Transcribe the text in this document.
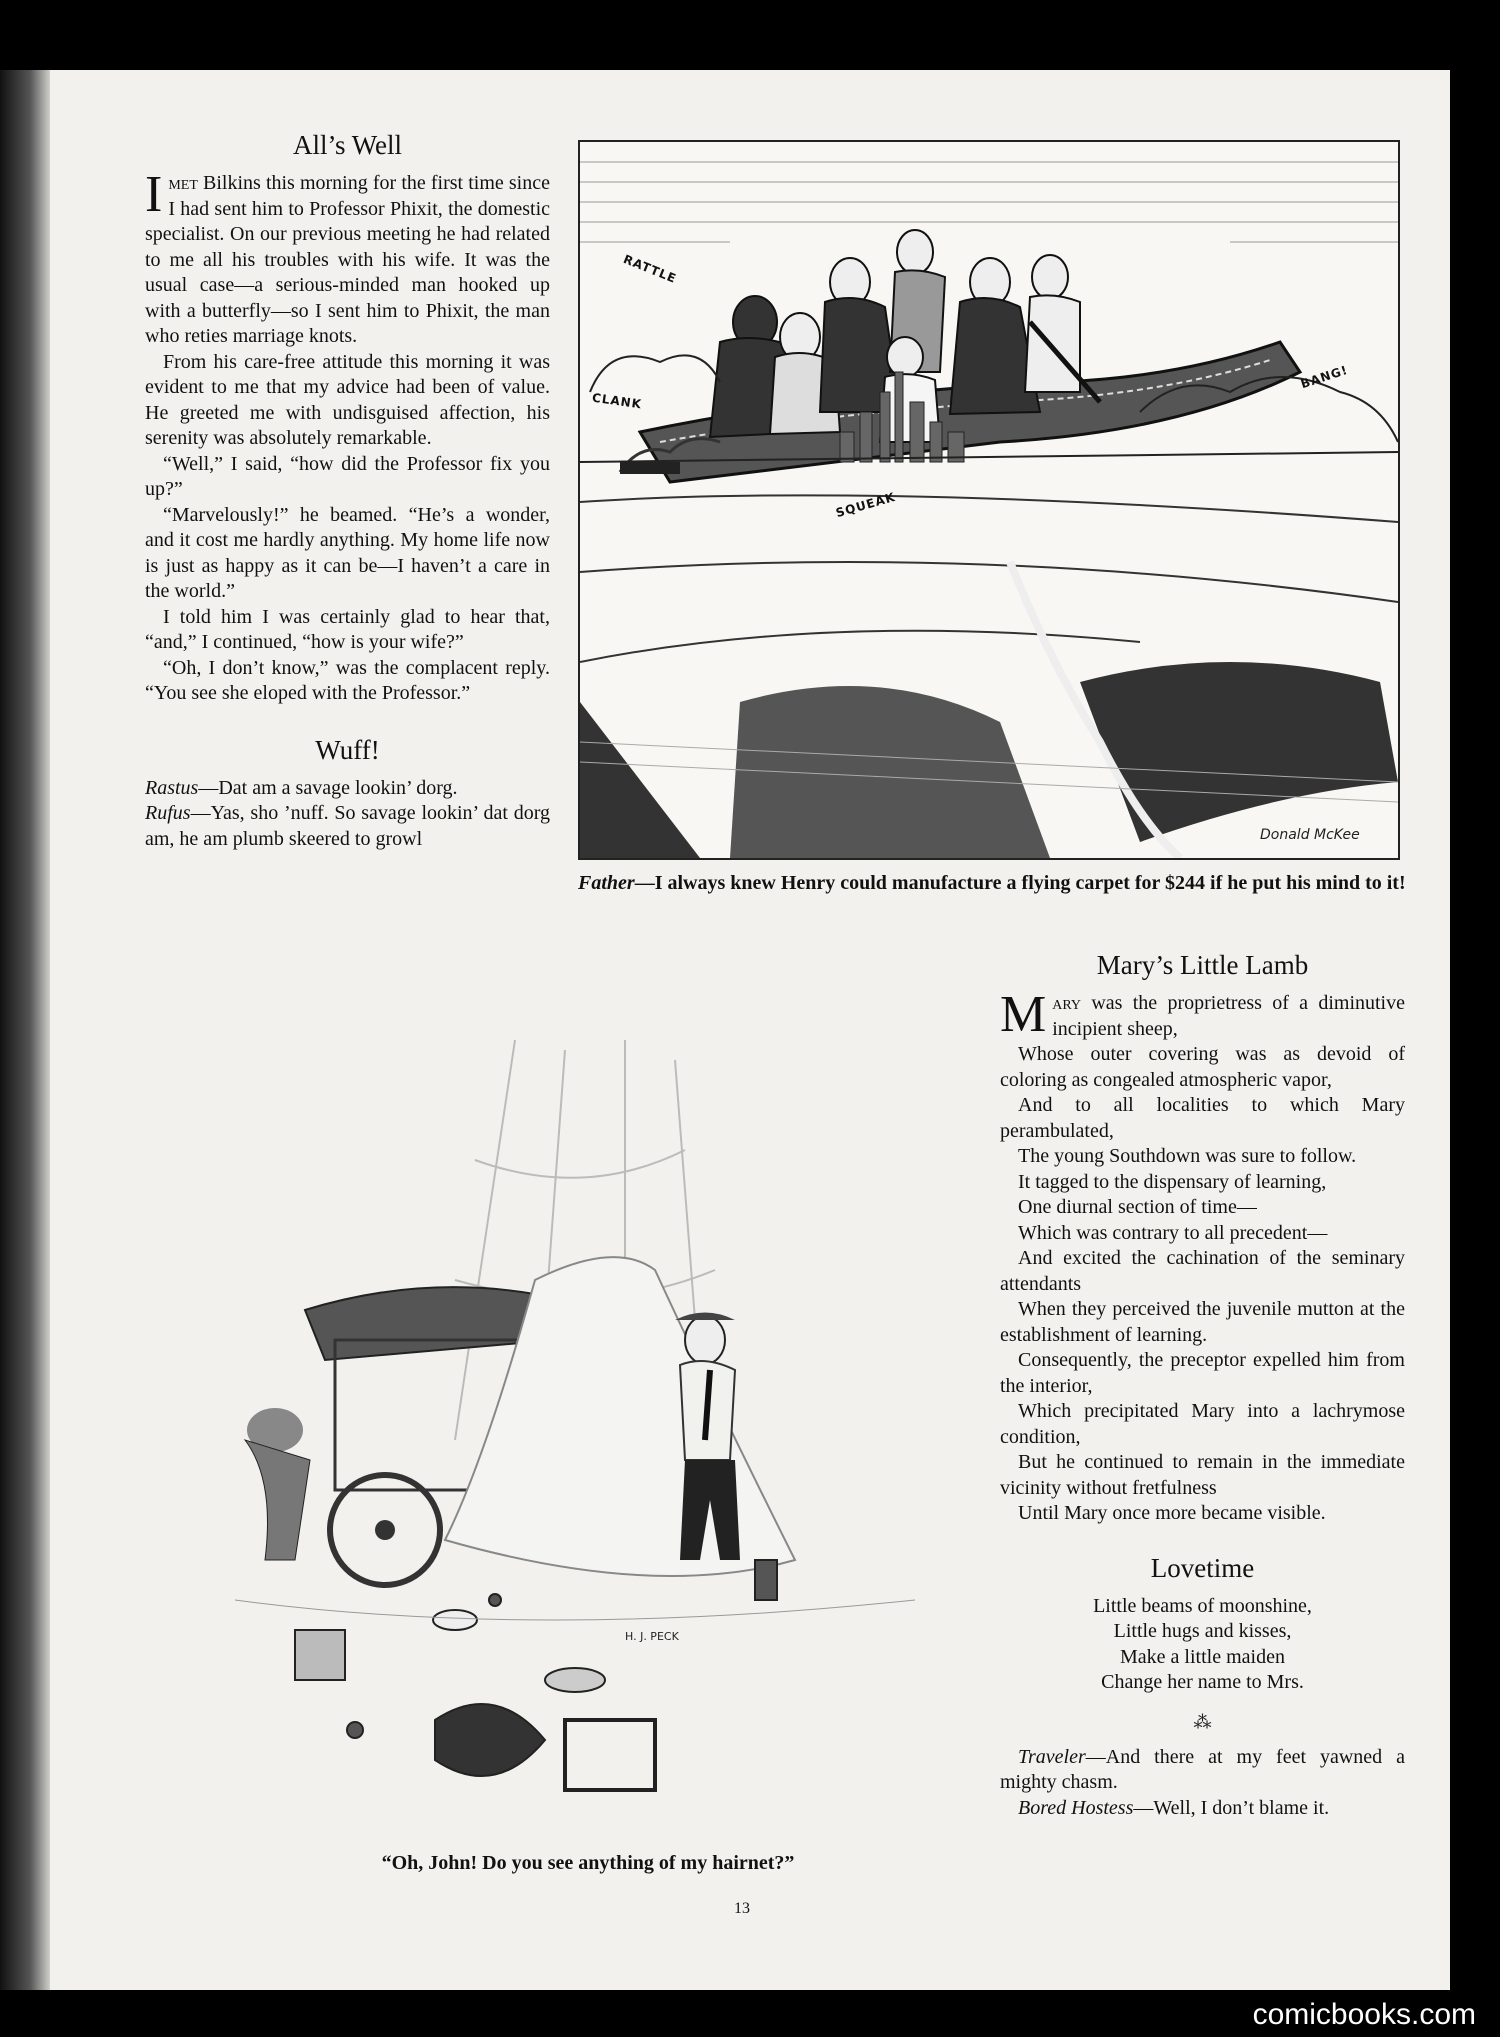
All’s Well

Imet Bilkins this morning for the first time since I had sent him to Professor Phixit, the domestic specialist. On our previous meeting he had related to me all his troubles with his wife. It was the usual case—a serious-minded man hooked up with a butterfly—so I sent him to Phixit, the man who reties marriage knots.

From his care-free attitude this morning it was evident to me that my advice had been of value. He greeted me with undisguised affection, his serenity was absolutely remarkable.

“Well,” I said, “how did the Professor fix you up?”

“Marvelously!” he beamed. “He’s a wonder, and it cost me hardly anything. My home life now is just as happy as it can be—I haven’t a care in the world.”

I told him I was certainly glad to hear that, “and,” I continued, “how is your wife?”

“Oh, I don’t know,” was the complacent reply. “You see she eloped with the Professor.”

Wuff!

Rastus—Dat am a savage lookin’ dorg.

Rufus—Yas, sho ’nuff. So savage lookin’ dat dorg am, he am plumb skeered to growl

RATTLE
CLANK
BANG!
SQUEAK
Donald McKee
Father—I always knew Henry could manufacture a flying carpet for $244 if he put his mind to it!
H. J. PECK
“Oh, John! Do you see anything of my hairnet?”
Mary’s Little Lamb

Mary was the proprietress of a diminutive incipient sheep,

Whose outer covering was as devoid of coloring as congealed atmospheric vapor,

And to all localities to which Mary perambulated,

The young Southdown was sure to follow.

It tagged to the dispensary of learning,

One diurnal section of time—

Which was contrary to all precedent—

And excited the cachination of the seminary attendants

When they perceived the juvenile mutton at the establishment of learning.

Consequently, the preceptor expelled him from the interior,

Which precipitated Mary into a lachrymose condition,

But he continued to remain in the immediate vicinity without fretfulness

Until Mary once more became visible.

Lovetime
Little beams of moonshine,
Little hugs and kisses,
Make a little maiden
Change her name to Mrs.
⁂

Traveler—And there at my feet yawned a mighty chasm.

Bored Hostess—Well, I don’t blame it.

13
comicbooks.com
